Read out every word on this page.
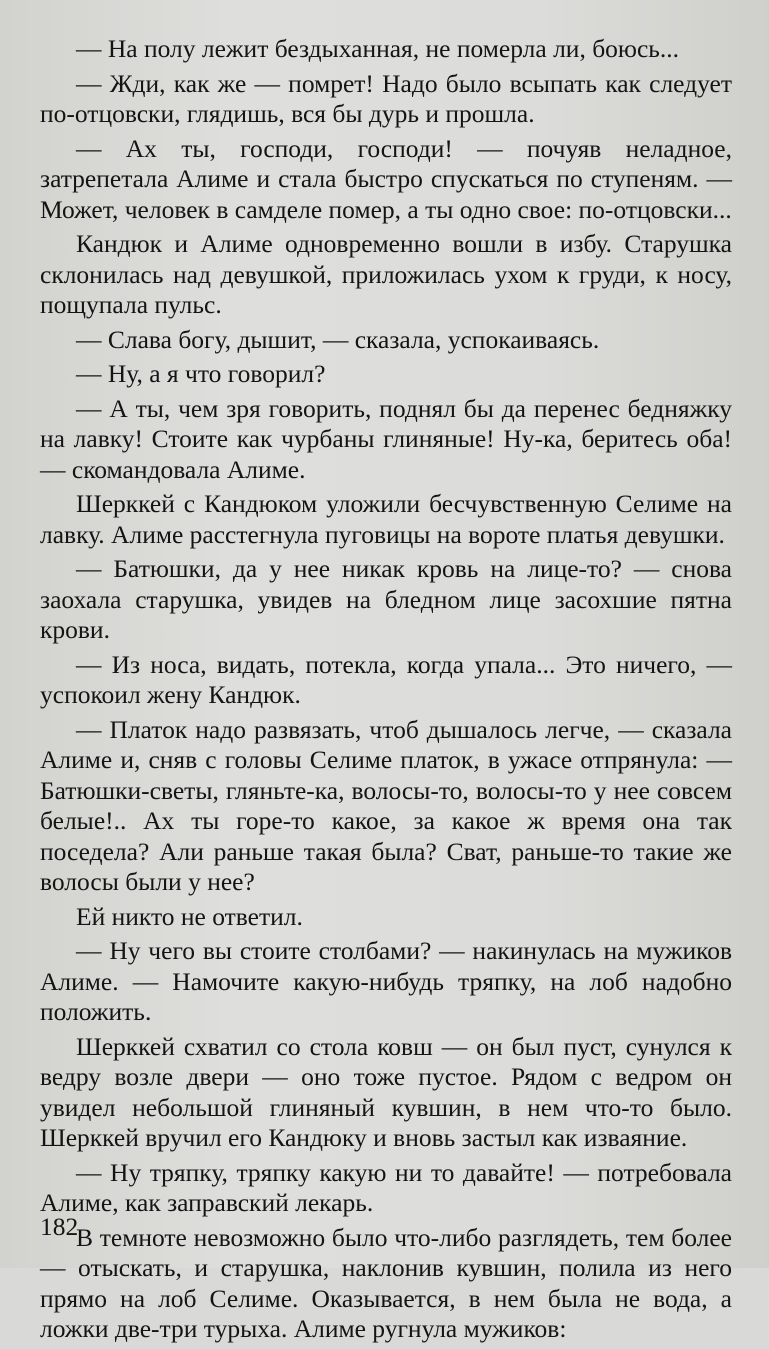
— На полу лежит бездыханная, не померла ли, боюсь...

— Жди, как же — помрет! Надо было всыпать как следует по-отцовски, глядишь, вся бы дурь и прошла.

— Ах ты, господи, господи! — почуяв неладное, затрепетала Алиме и стала быстро спускаться по ступеням. — Может, человек в самделе помер, а ты одно свое: по-отцовски...

Кандюк и Алиме одновременно вошли в избу. Старушка склонилась над девушкой, приложилась ухом к груди, к носу, пощупала пульс.

— Слава богу, дышит, — сказала, успокаиваясь.

— Ну, а я что говорил?

— А ты, чем зря говорить, поднял бы да перенес бедняжку на лавку! Стоите как чурбаны глиняные! Ну-ка, беритесь оба! — скомандовала Алиме.

Шерккей с Кандюком уложили бесчувственную Селиме на лавку. Алиме расстегнула пуговицы на вороте платья девушки.

— Батюшки, да у нее никак кровь на лице-то? — снова заохала старушка, увидев на бледном лице засохшие пятна крови.

— Из носа, видать, потекла, когда упала... Это ничего, — успокоил жену Кандюк.

— Платок надо развязать, чтоб дышалось легче, — сказала Алиме и, сняв с головы Селиме платок, в ужасе отпрянула: — Батюшки-светы, гляньте-ка, волосы-то, волосы-то у нее совсем белые!.. Ах ты горе-то какое, за какое ж время она так поседела? Али раньше такая была? Сват, раньше-то такие же волосы были у нее?

Ей никто не ответил.

— Ну чего вы стоите столбами? — накинулась на мужиков Алиме. — Намочите какую-нибудь тряпку, на лоб надобно положить.

Шерккей схватил со стола ковш — он был пуст, сунулся к ведру возле двери — оно тоже пустое. Рядом с ведром он увидел небольшой глиняный кувшин, в нем что-то было. Шерккей вручил его Кандюку и вновь застыл как изваяние.

— Ну тряпку, тряпку какую ни то давайте! — потребовала Алиме, как заправский лекарь.

В темноте невозможно было что-либо разглядеть, тем более — отыскать, и старушка, наклонив кувшин, полила из него прямо на лоб Селиме. Оказывается, в нем была не вода, а ложки две-три турыха. Алиме ругнула мужиков:

182
